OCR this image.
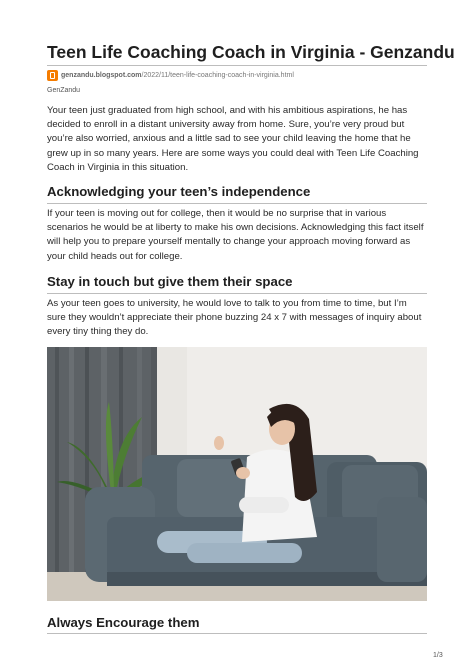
Teen Life Coaching Coach in Virginia - Genzandu
genzandu.blogspot.com /2022/11/teen-life-coaching-coach-in-virginia.html
GenZandu

Your teen just graduated from high school, and with his ambitious aspirations, he has decided to enroll in a distant university away from home. Sure, you’re very proud but you’re also worried, anxious and a little sad to see your child leaving the home that he grew up in so many years. Here are some ways you could deal with Teen Life Coaching Coach in Virginia in this situation.

Acknowledging your teen’s independence

If your teen is moving out for college, then it would be no surprise that in various scenarios he would be at liberty to make his own decisions. Acknowledging this fact itself will help you to prepare yourself mentally to change your approach moving forward as your child heads out for college.

Stay in touch but give them their space

As your teen goes to university, he would love to talk to you from time to time, but I’m sure they wouldn’t appreciate their phone buzzing 24 x 7 with messages of inquiry about every tiny thing they do.

Always Encourage them
1/3
